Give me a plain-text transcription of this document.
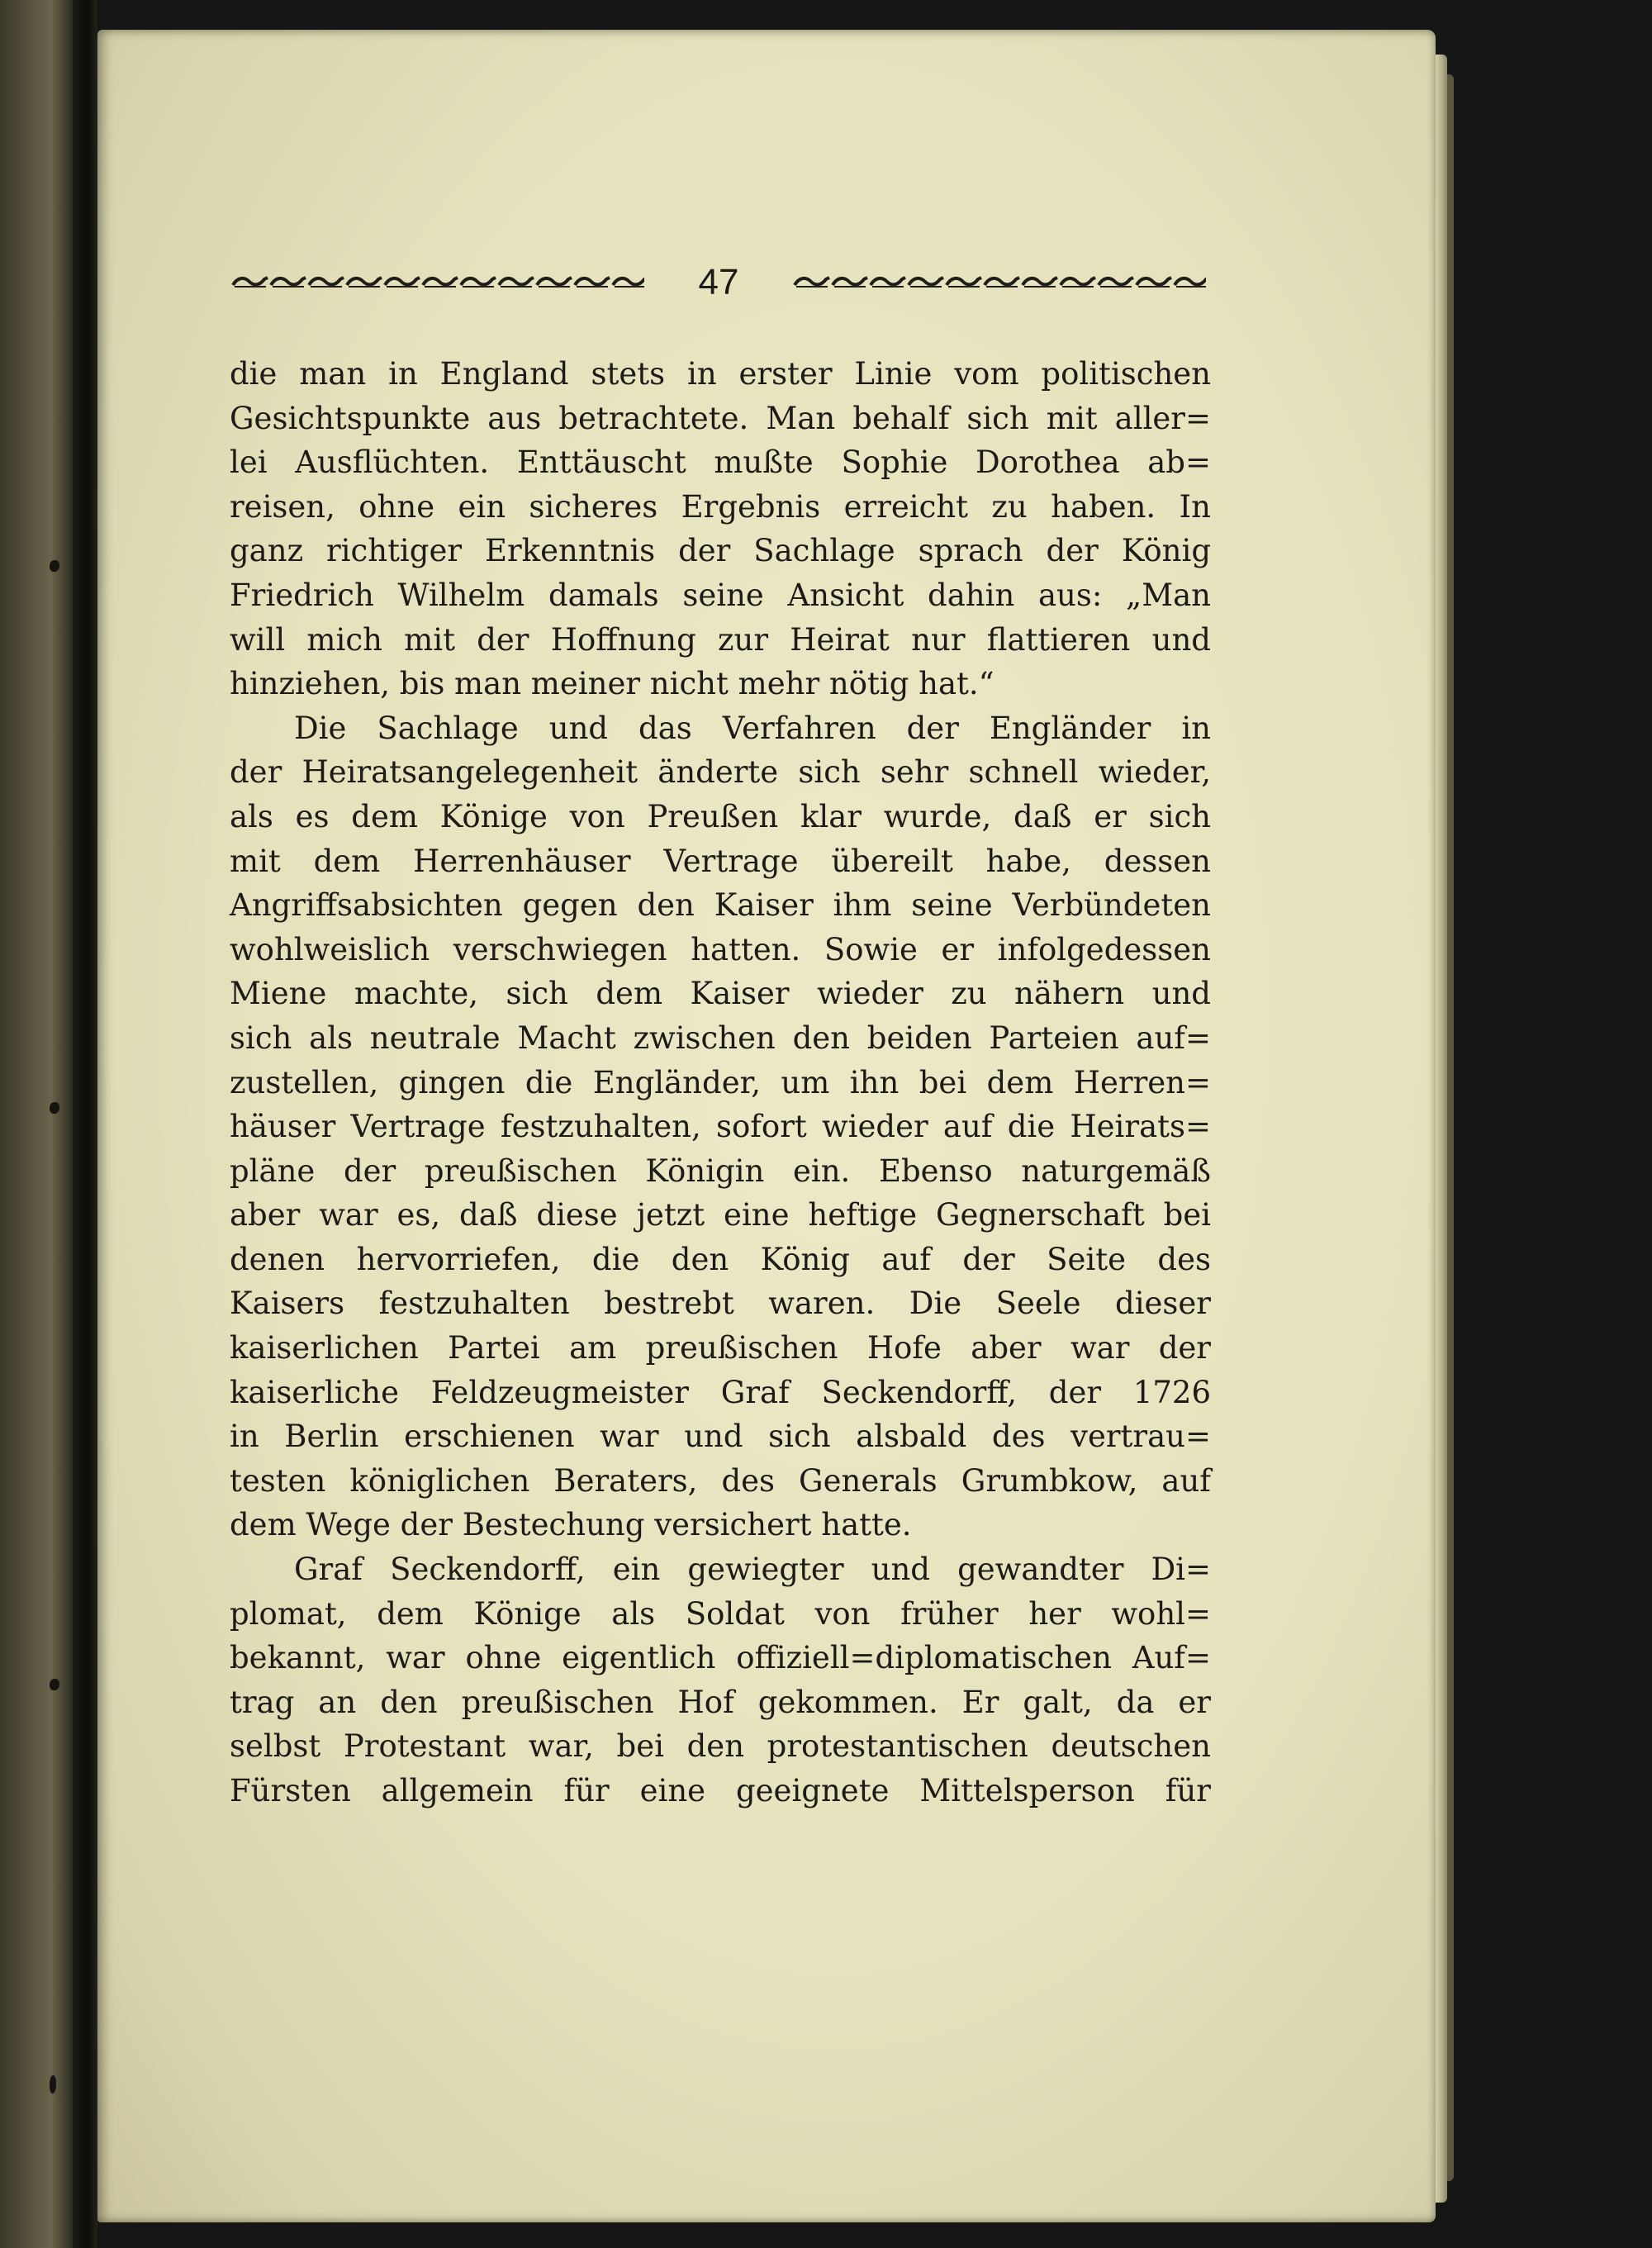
47
die man in England stets in erster Linie vom politischen
Gesichtspunkte aus betrachtete. Man behalf sich mit aller=
lei Ausflüchten. Enttäuscht mußte Sophie Dorothea ab=
reisen, ohne ein sicheres Ergebnis erreicht zu haben. In
ganz richtiger Erkenntnis der Sachlage sprach der König
Friedrich Wilhelm damals seine Ansicht dahin aus: „Man
will mich mit der Hoffnung zur Heirat nur flattieren und
hinziehen, bis man meiner nicht mehr nötig hat.“
Die Sachlage und das Verfahren der Engländer in
der Heiratsangelegenheit änderte sich sehr schnell wieder,
als es dem Könige von Preußen klar wurde, daß er sich
mit dem Herrenhäuser Vertrage übereilt habe, dessen
Angriffsabsichten gegen den Kaiser ihm seine Verbündeten
wohlweislich verschwiegen hatten. Sowie er infolgedessen
Miene machte, sich dem Kaiser wieder zu nähern und
sich als neutrale Macht zwischen den beiden Parteien auf=
zustellen, gingen die Engländer, um ihn bei dem Herren=
häuser Vertrage festzuhalten, sofort wieder auf die Heirats=
pläne der preußischen Königin ein. Ebenso naturgemäß
aber war es, daß diese jetzt eine heftige Gegnerschaft bei
denen hervorriefen, die den König auf der Seite des
Kaisers festzuhalten bestrebt waren. Die Seele dieser
kaiserlichen Partei am preußischen Hofe aber war der
kaiserliche Feldzeugmeister Graf Seckendorff, der 1726
in Berlin erschienen war und sich alsbald des vertrau=
testen königlichen Beraters, des Generals Grumbkow, auf
dem Wege der Bestechung versichert hatte.
Graf Seckendorff, ein gewiegter und gewandter Di=
plomat, dem Könige als Soldat von früher her wohl=
bekannt, war ohne eigentlich offiziell=diplomatischen Auf=
trag an den preußischen Hof gekommen. Er galt, da er
selbst Protestant war, bei den protestantischen deutschen
Fürsten allgemein für eine geeignete Mittelsperson für
